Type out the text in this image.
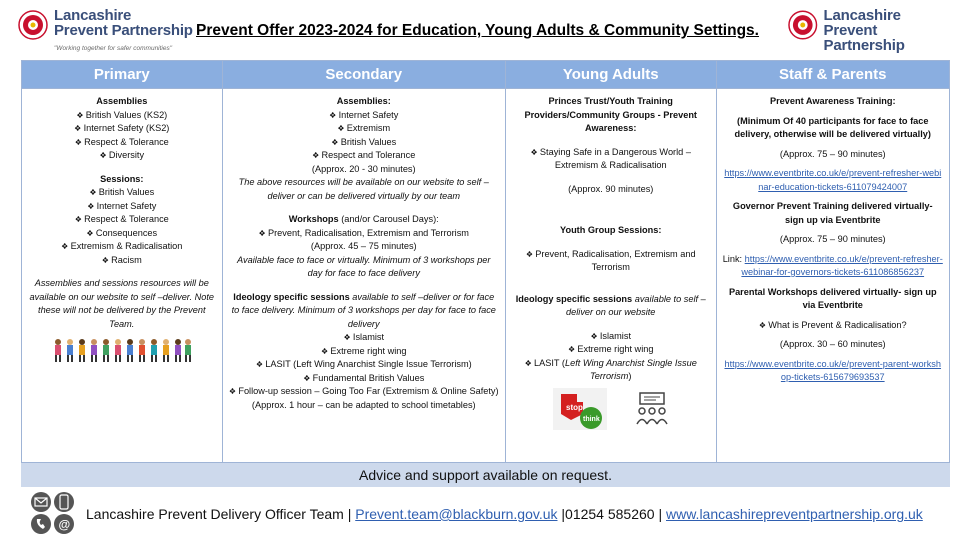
Lancashire
Prevent Partnership
"Working together for safer communities"
Prevent Offer 2023-2024 for Education, Young Adults & Community Settings.
Lancashire
Prevent Partnership
Primary
Assemblies
❖ British Values (KS2)
❖ Internet Safety (KS2)
❖ Respect & Tolerance
❖ Diversity
Sessions:
❖ British Values
❖ Internet Safety
❖ Respect & Tolerance
❖ Consequences
❖ Extremism & Radicalisation
❖ Racism
Assemblies and sessions resources will be available on our website to self –deliver. Note these will not be delivered by the Prevent Team.
Secondary
Assemblies:
❖ Internet Safety
❖ Extremism
❖ British Values
❖ Respect and Tolerance
(Approx. 20 - 30 minutes)
The above resources will be available on our website to self –deliver or can be delivered virtually by our team
Workshops (and/or Carousel Days):
❖ Prevent, Radicalisation, Extremism and Terrorism
(Approx. 45 – 75 minutes)
Available face to face or virtually. Minimum of 3 workshops per day for face to face delivery
Ideology specific sessions available to self –deliver or for face to face delivery. Minimum of 3 workshops per day for face to face delivery
❖ Islamist
❖ Extreme right wing
❖ LASIT (Left Wing Anarchist Single Issue Terrorism)
❖ Fundamental British Values
❖ Follow-up session – Going Too Far (Extremism & Online Safety)
(Approx. 1 hour – can be adapted to school timetables)
Young Adults
Princes Trust/Youth Training Providers/Community Groups - Prevent Awareness:
❖ Staying Safe in a Dangerous World – Extremism & Radicalisation
(Approx. 90 minutes)
Youth Group Sessions:
❖ Prevent, Radicalisation, Extremism and Terrorism
Ideology specific sessions available to self –deliver on our website
❖ Islamist
❖ Extreme right wing
❖ LASIT (Left Wing Anarchist Single Issue Terrorism)
stop
think
Staff & Parents
Prevent Awareness Training:
(Minimum Of 40 participants for face to face delivery, otherwise will be delivered virtually)
(Approx. 75 – 90 minutes)
https://www.eventbrite.co.uk/e/prevent-refresher-webinar-education-tickets-611079424007
Governor Prevent Training delivered virtually- sign up via Eventbrite
(Approx. 75 – 90 minutes)
Link: https://www.eventbrite.co.uk/e/prevent-refresher-webinar-for-governors-tickets-611086856237
Parental Workshops delivered virtually- sign up via Eventbrite
❖ What is Prevent & Radicalisation?
(Approx. 30 – 60 minutes)
https://www.eventbrite.co.uk/e/prevent-parent-workshop-tickets-615679693537
Advice and support available on request.
@
Lancashire Prevent Delivery Officer Team | Prevent.team@blackburn.gov.uk |01254 585260 | www.lancashirepreventpartnership.org.uk
